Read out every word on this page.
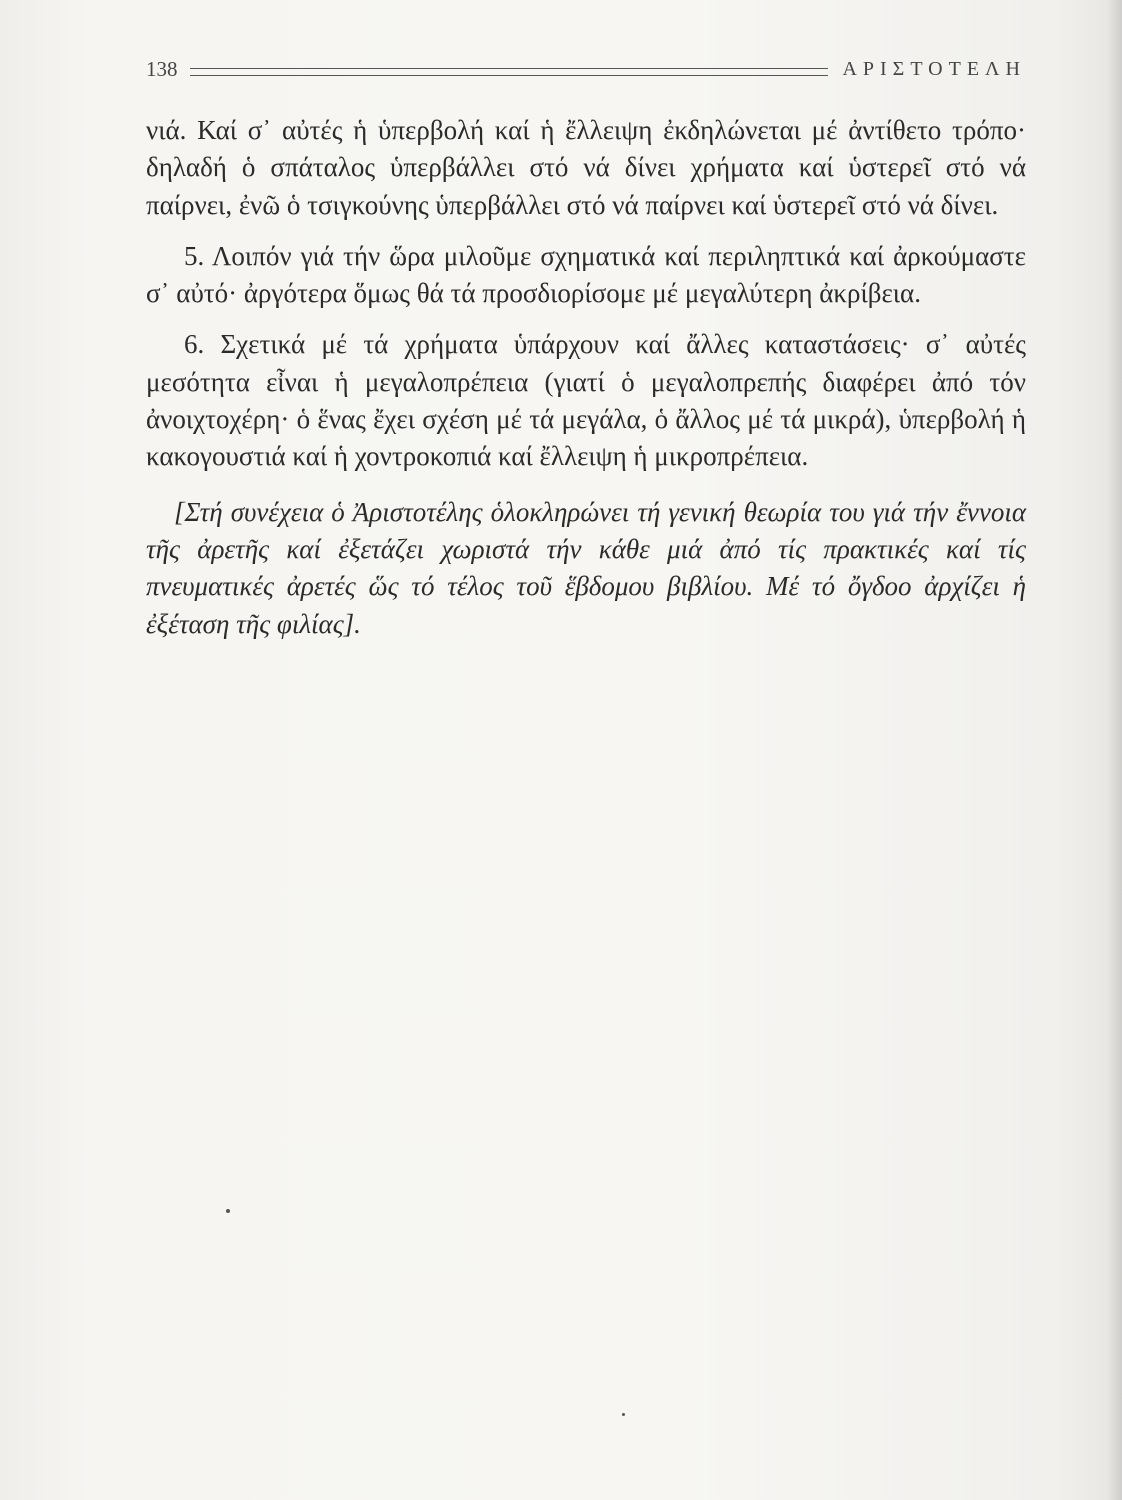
138	ΑΡΙΣΤΟΤΕΛΗ

νιά. Καί σ᾽ αὐτές ἡ ὑπερβολή καί ἡ ἔλλειψη ἐκδηλώνεται μέ ἀντίθετο τρόπο· δηλαδή ὁ σπάταλος ὑπερβάλλει στό νά δίνει χρήματα καί ὑστερεῖ στό νά παίρνει, ἐνῶ ὁ τσιγκούνης ὑπερβάλλει στό νά παίρνει καί ὑστερεῖ στό νά δίνει.

5. Λοιπόν γιά τήν ὥρα μιλοῦμε σχηματικά καί περιληπτικά καί ἀρκούμαστε σ᾽ αὐτό· ἀργότερα ὅμως θά τά προσδιορίσομε μέ μεγαλύτερη ἀκρίβεια.

6. Σχετικά μέ τά χρήματα ὑπάρχουν καί ἄλλες καταστάσεις· σ᾽ αὐτές μεσότητα εἶναι ἡ μεγαλοπρέπεια (γιατί ὁ μεγαλοπρεπής διαφέρει ἀπό τόν ἀνοιχτοχέρη· ὁ ἕνας ἔχει σχέση μέ τά μεγάλα, ὁ ἄλλος μέ τά μικρά), ὑπερβολή ἡ κακογουστιά καί ἡ χοντροκοπιά καί ἔλλειψη ἡ μικροπρέπεια.

[Στή συνέχεια ὁ Ἀριστοτέλης ὁλοκληρώνει τή γενική θεωρία του γιά τήν ἔννοια τῆς ἀρετῆς καί ἐξετάζει χωριστά τήν κάθε μιά ἀπό τίς πρακτικές καί τίς πνευματικές ἀρετές ὥς τό τέλος τοῦ ἕβδομου βιβλίου. Μέ τό ὄγδοο ἀρχίζει ἡ ἐξέταση τῆς φιλίας].
